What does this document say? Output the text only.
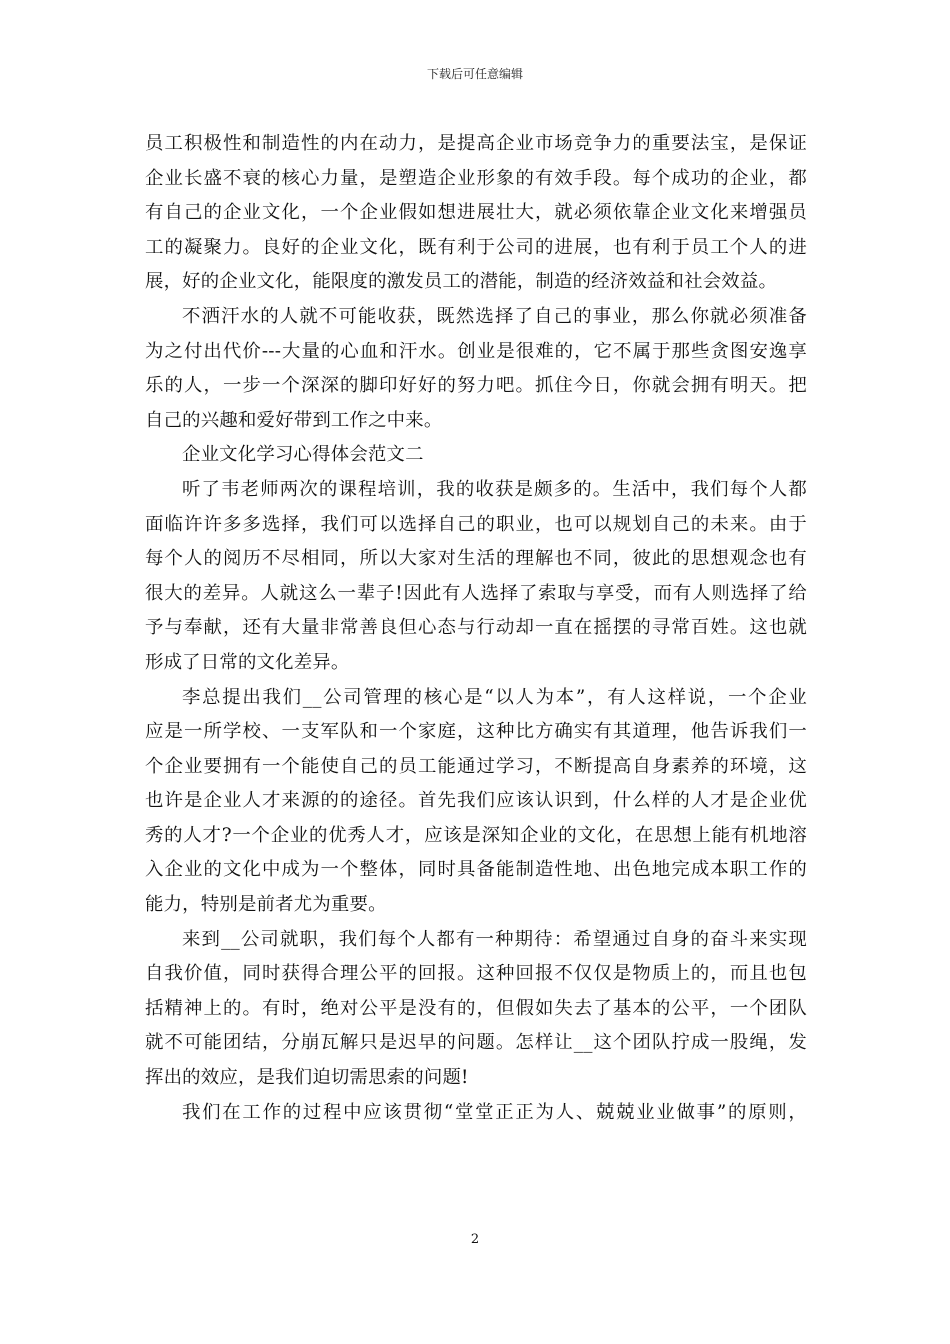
下载后可任意编辑
员工积极性和制造性的内在动力，是提高企业市场竞争力的重要法宝，是保证
企业长盛不衰的核心力量，是塑造企业形象的有效手段。每个成功的企业，都
有自己的企业文化，一个企业假如想进展壮大，就必须依靠企业文化来增强员
工的凝聚力。良好的企业文化，既有利于公司的进展，也有利于员工个人的进
展，好的企业文化，能限度的激发员工的潜能，制造的经济效益和社会效益。
不洒汗水的人就不可能收获，既然选择了自己的事业，那么你就必须准备
为之付出代价---大量的心血和汗水。创业是很难的，它不属于那些贪图安逸享
乐的人，一步一个深深的脚印好好的努力吧。抓住今日，你就会拥有明天。把
自己的兴趣和爱好带到工作之中来。
企业文化学习心得体会范文二
听了韦老师两次的课程培训，我的收获是颇多的。生活中，我们每个人都
面临许许多多选择，我们可以选择自己的职业，也可以规划自己的未来。由于
每个人的阅历不尽相同，所以大家对生活的理解也不同，彼此的思想观念也有
很大的差异。人就这么一辈子!因此有人选择了索取与享受，而有人则选择了给
予与奉献，还有大量非常善良但心态与行动却一直在摇摆的寻常百姓。这也就
形成了日常的文化差异。
李总提出我们__公司管理的核心是“以人为本”，有人这样说，一个企业
应是一所学校、一支军队和一个家庭，这种比方确实有其道理，他告诉我们一
个企业要拥有一个能使自己的员工能通过学习，不断提高自身素养的环境，这
也许是企业人才来源的的途径。首先我们应该认识到，什么样的人才是企业优
秀的人才?一个企业的优秀人才，应该是深知企业的文化，在思想上能有机地溶
入企业的文化中成为一个整体，同时具备能制造性地、出色地完成本职工作的
能力，特别是前者尤为重要。
来到__公司就职，我们每个人都有一种期待：希望通过自身的奋斗来实现
自我价值，同时获得合理公平的回报。这种回报不仅仅是物质上的，而且也包
括精神上的。有时，绝对公平是没有的，但假如失去了基本的公平，一个团队
就不可能团结，分崩瓦解只是迟早的问题。怎样让__这个团队拧成一股绳，发
挥出的效应，是我们迫切需思索的问题!
我们在工作的过程中应该贯彻“堂堂正正为人、兢兢业业做事”的原则，
2
